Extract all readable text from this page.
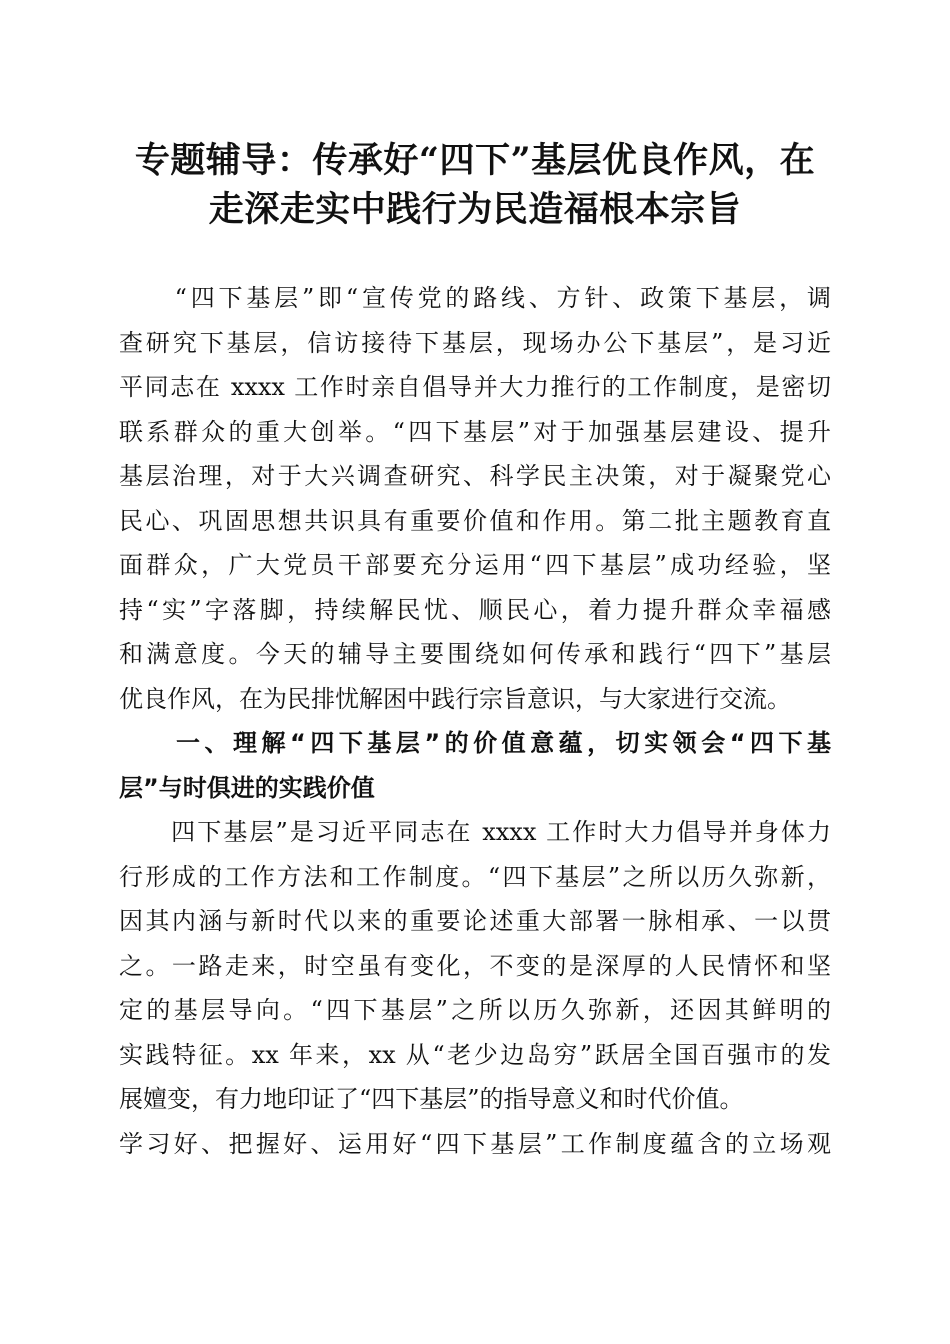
专题辅导：传承好“四下”基层优良作风，在
走深走实中践行为民造福根本宗旨
　　“四下基层”即“宣传党的路线、方针、政策下基层，调
查研究下基层，信访接待下基层，现场办公下基层”，是习近
平同志在 xxxx 工作时亲自倡导并大力推行的工作制度，是密切
联系群众的重大创举。“四下基层”对于加强基层建设、提升
基层治理，对于大兴调查研究、科学民主决策，对于凝聚党心
民心、巩固思想共识具有重要价值和作用。第二批主题教育直
面群众，广大党员干部要充分运用“四下基层”成功经验，坚
持“实”字落脚，持续解民忧、顺民心，着力提升群众幸福感
和满意度。今天的辅导主要围绕如何传承和践行“四下”基层
优良作风，在为民排忧解困中践行宗旨意识，与大家进行交流。
　　一、理解“四下基层”的价值意蕴，切实领会“四下基
层”与时俱进的实践价值
　　四下基层”是习近平同志在 xxxx 工作时大力倡导并身体力
行形成的工作方法和工作制度。“四下基层”之所以历久弥新，
因其内涵与新时代以来的重要论述重大部署一脉相承、一以贯
之。一路走来，时空虽有变化，不变的是深厚的人民情怀和坚
定的基层导向。“四下基层”之所以历久弥新，还因其鲜明的
实践特征。xx 年来，xx 从“老少边岛穷”跃居全国百强市的发
展嬗变，有力地印证了“四下基层”的指导意义和时代价值。
学习好、把握好、运用好“四下基层”工作制度蕴含的立场观
